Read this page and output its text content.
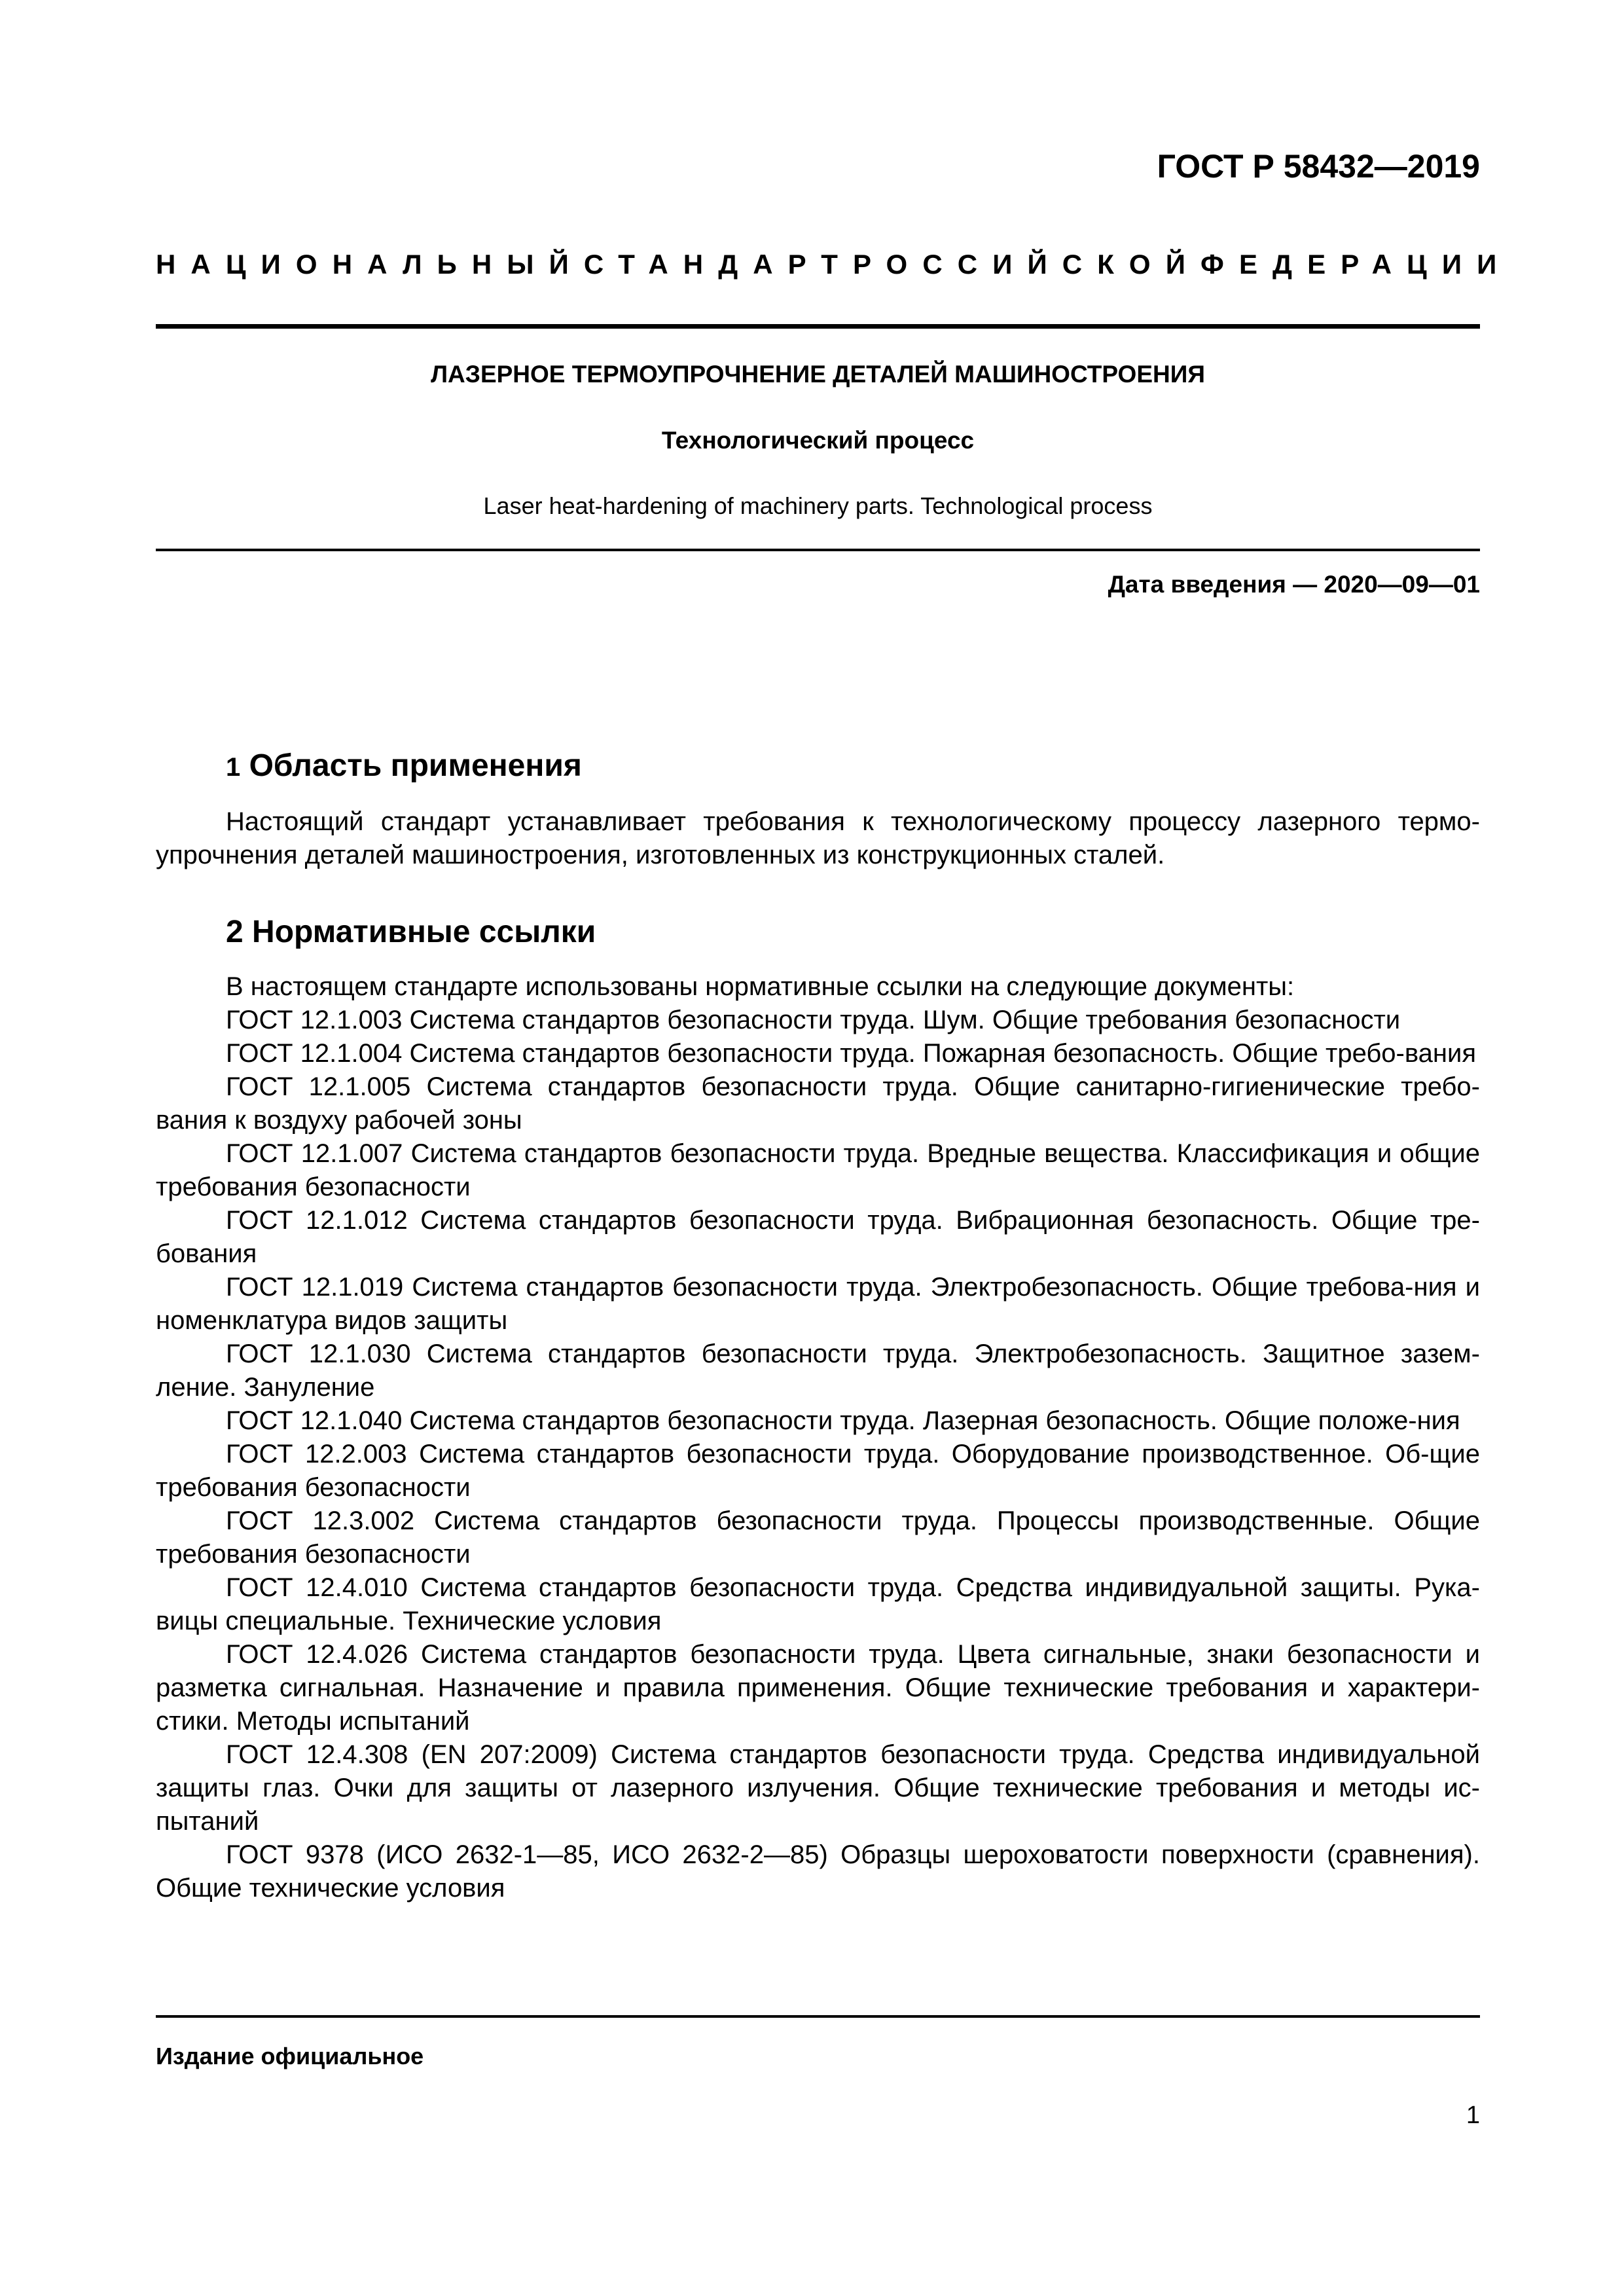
ГОСТ Р 58432—2019
НАЦИОНАЛЬНЫЙ СТАНДАРТ РОССИЙСКОЙ ФЕДЕРАЦИИ
ЛАЗЕРНОЕ ТЕРМОУПРОЧНЕНИЕ ДЕТАЛЕЙ МАШИНОСТРОЕНИЯ
Технологический процесс
Laser heat-hardening of machinery parts. Technological process
Дата введения — 2020—09—01
1 Область применения

Настоящий стандарт устанавливает требования к технологическому процессу лазерного термо-упрочнения деталей машиностроения, изготовленных из конструкционных сталей.

2 Нормативные ссылки

В настоящем стандарте использованы нормативные ссылки на следующие документы:

ГОСТ 12.1.003 Система стандартов безопасности труда. Шум. Общие требования безопасности

ГОСТ 12.1.004 Система стандартов безопасности труда. Пожарная безопасность. Общие требо-вания

ГОСТ 12.1.005 Система стандартов безопасности труда. Общие санитарно-гигиенические требо-вания к воздуху рабочей зоны

ГОСТ 12.1.007 Система стандартов безопасности труда. Вредные вещества. Классификация и общие требования безопасности

ГОСТ 12.1.012 Система стандартов безопасности труда. Вибрационная безопасность. Общие тре-бования

ГОСТ 12.1.019 Система стандартов безопасности труда. Электробезопасность. Общие требова-ния и номенклатура видов защиты

ГОСТ 12.1.030 Система стандартов безопасности труда. Электробезопасность. Защитное зазем-ление. Зануление

ГОСТ 12.1.040 Система стандартов безопасности труда. Лазерная безопасность. Общие положе-ния

ГОСТ 12.2.003 Система стандартов безопасности труда. Оборудование производственное. Об-щие требования безопасности

ГОСТ 12.3.002 Система стандартов безопасности труда. Процессы производственные. Общие требования безопасности

ГОСТ 12.4.010 Система стандартов безопасности труда. Средства индивидуальной защиты. Рука-вицы специальные. Технические условия

ГОСТ 12.4.026 Система стандартов безопасности труда. Цвета сигнальные, знаки безопасности и разметка сигнальная. Назначение и правила применения. Общие технические требования и характери-стики. Методы испытаний

ГОСТ 12.4.308 (EN 207:2009) Система стандартов безопасности труда. Средства индивидуальной защиты глаз. Очки для защиты от лазерного излучения. Общие технические требования и методы ис-пытаний

ГОСТ 9378 (ИСО 2632-1—85, ИСО 2632-2—85) Образцы шероховатости поверхности (сравнения). Общие технические условия

Издание официальное
1
